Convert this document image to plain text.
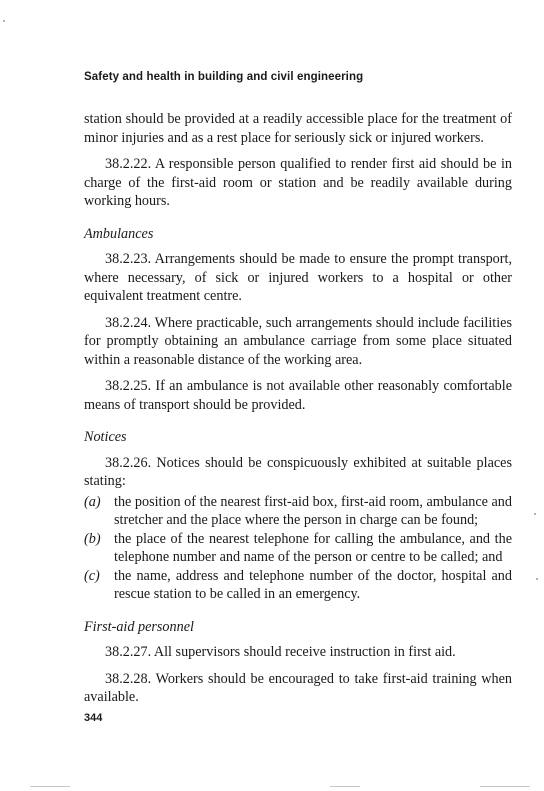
Safety and health in building and civil engineering

station should be provided at a readily accessible place for the treatment of minor injuries and as a rest place for seriously sick or injured workers.

38.2.22. A responsible person qualified to render first aid should be in charge of the first-aid room or station and be readily available during working hours.

Ambulances

38.2.23. Arrangements should be made to ensure the prompt transport, where necessary, of sick or injured workers to a hospital or other equivalent treatment centre.

38.2.24. Where practicable, such arrangements should include facilities for promptly obtaining an ambulance carriage from some place situated within a reasonable distance of the working area.

38.2.25. If an ambulance is not available other reasonably comfortable means of transport should be provided.

Notices

38.2.26. Notices should be conspicuously exhibited at suitable places stating:

(a) the position of the nearest first-aid box, first-aid room, ambulance and stretcher and the place where the person in charge can be found;
(b) the place of the nearest telephone for calling the ambulance, and the telephone number and name of the person or centre to be called; and
(c)	the name, address and telephone number of the doctor, hospital and rescue station to be called in an emergency.
First-aid personnel

38.2.27. All supervisors should receive instruction in first aid.

38.2.28. Workers should be encouraged to take first-aid training when available.

344
